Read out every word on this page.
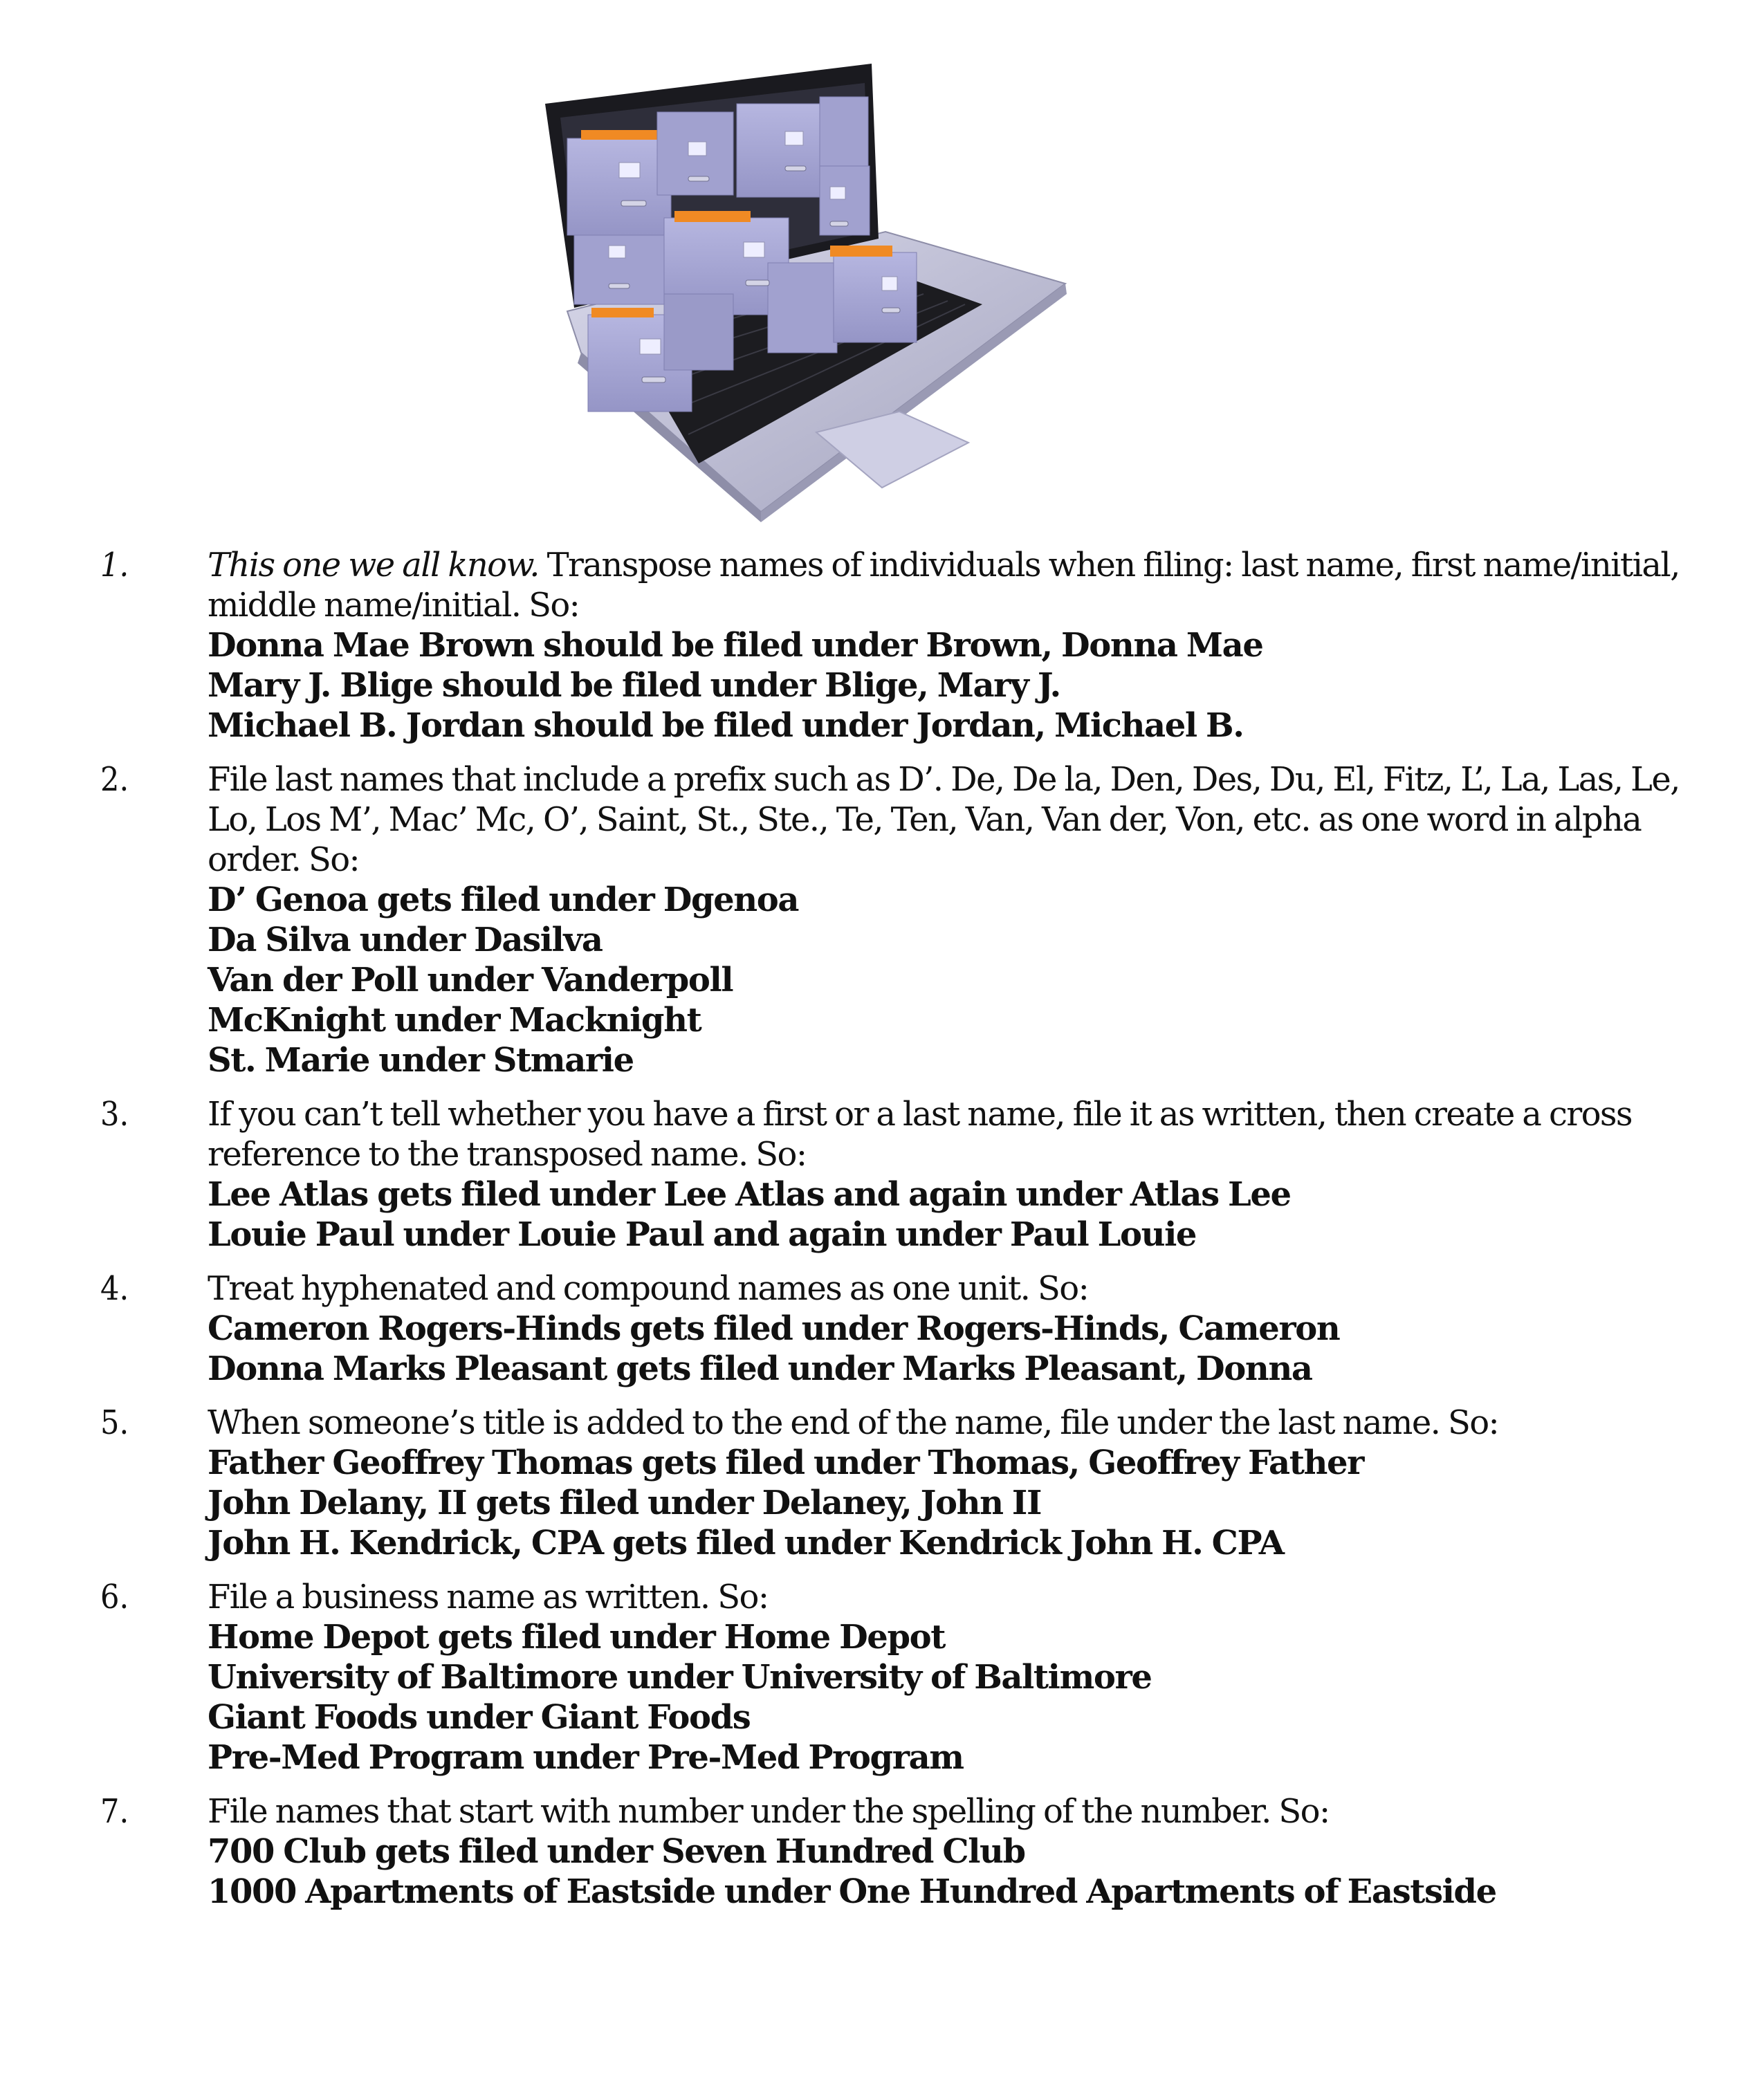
1. This one we all know. Transpose names of individuals when filing: last name, first name/initial, middle name/initial. So:
Donna Mae Brown should be filed under Brown, Donna Mae
Mary J. Blige should be filed under Blige, Mary J.
Michael B. Jordan should be filed under Jordan, Michael B.
2. File last names that include a prefix such as D’. De, De la, Den, Des, Du, El, Fitz, L’, La, Las, Le, Lo, Los M’, Mac’ Mc, O’, Saint, St., Ste., Te, Ten, Van, Van der, Von, etc. as one word in alpha order. So:
D’ Genoa gets filed under Dgenoa
Da Silva under Dasilva
Van der Poll under Vanderpoll
McKnight under Macknight
St. Marie under Stmarie
3. If you can’t tell whether you have a first or a last name, file it as written, then create a cross reference to the transposed name. So:
Lee Atlas gets filed under Lee Atlas and again under Atlas Lee
Louie Paul under Louie Paul and again under Paul Louie
4. Treat hyphenated and compound names as one unit. So:
Cameron Rogers-Hinds gets filed under Rogers-Hinds, Cameron
Donna Marks Pleasant gets filed under Marks Pleasant, Donna
5. When someone’s title is added to the end of the name, file under the last name. So:
Father Geoffrey Thomas gets filed under Thomas, Geoffrey Father
John Delany, II gets filed under Delaney, John II
John H. Kendrick, CPA gets filed under Kendrick John H. CPA
6. File a business name as written. So:
Home Depot gets filed under Home Depot
University of Baltimore under University of Baltimore
Giant Foods under Giant Foods
Pre-Med Program under Pre-Med Program
7. File names that start with number under the spelling of the number. So:
700 Club gets filed under Seven Hundred Club
1000 Apartments of Eastside under One Hundred Apartments of Eastside
